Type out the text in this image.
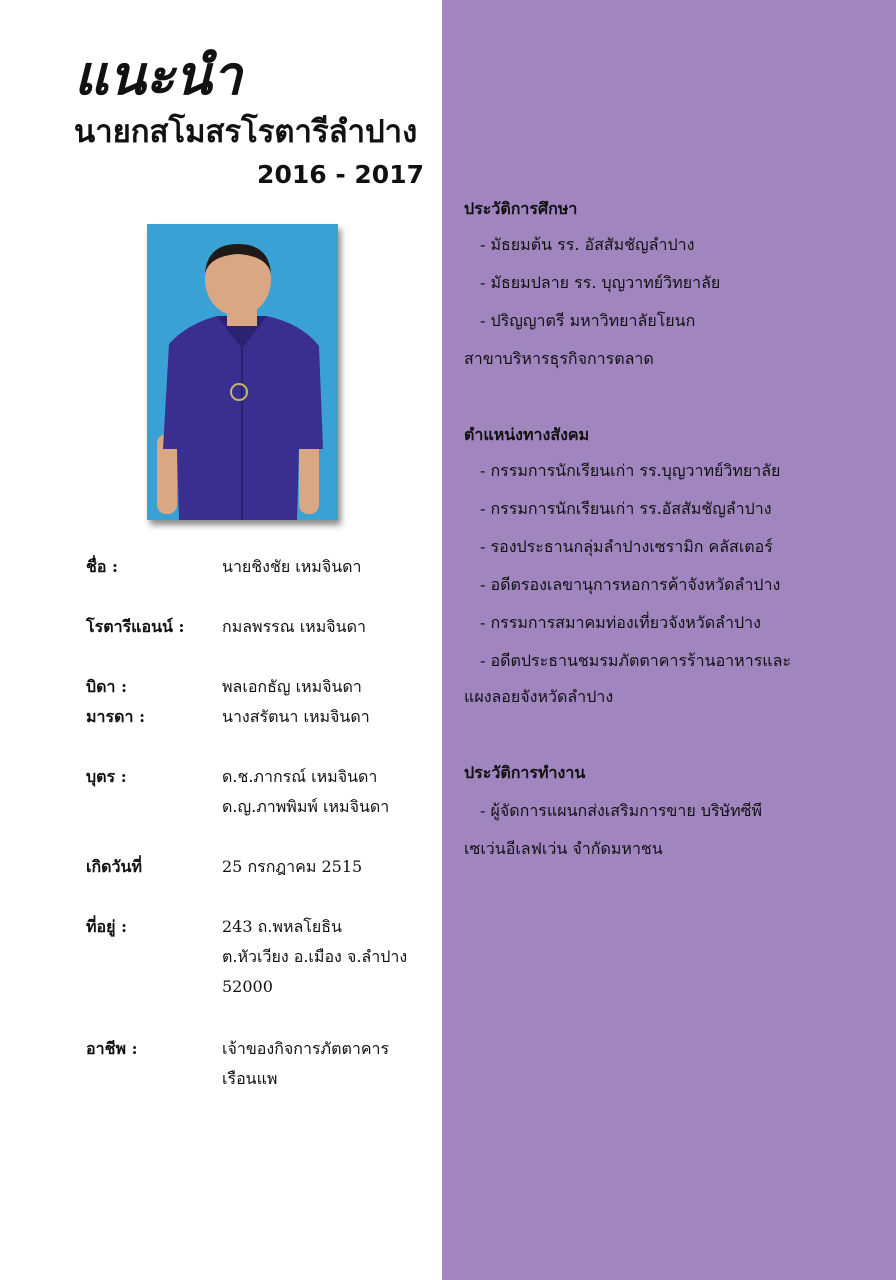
แนะนำ
นายกสโมสรโรตารีลำปาง
2016 - 2017
ชื่อ :	นายชิงชัย เหมจินดา
โรตารีแอนน์ : กมลพรรณ เหมจินดา
บิดา :	พลเอกธัญ เหมจินดา
มารดา :	นางสรัตนา เหมจินดา
บุตร :	ด.ช.ภากรณ์ เหมจินดา
ด.ญ.ภาพพิมพ์ เหมจินดา
เกิดวันที่	25 กรกฎาคม 2515
ที่อยู่ :	243 ถ.พหลโยธิน
ต.หัวเวียง อ.เมือง จ.ลำปาง
52000
อาชีพ :	เจ้าของกิจการภัตตาคาร
เรือนแพ
ประวัติการศึกษา
- มัธยมต้น รร. อัสสัมชัญลำปาง
- มัธยมปลาย รร. บุญวาทย์วิทยาลัย
- ปริญญาตรี มหาวิทยาลัยโยนก
สาขาบริหารธุรกิจการตลาด
ตำแหน่งทางสังคม
- กรรมการนักเรียนเก่า รร.บุญวาทย์วิทยาลัย
- กรรมการนักเรียนเก่า รร.อัสสัมชัญลำปาง
- รองประธานกลุ่มลำปางเซรามิก คลัสเตอร์
- อดีตรองเลขานุการหอการค้าจังหวัดลำปาง
- กรรมการสมาคมท่องเที่ยวจังหวัดลำปาง
- อดีตประธานชมรมภัตตาคารร้านอาหารและ
แผงลอยจังหวัดลำปาง
ประวัติการทำงาน
- ผู้จัดการแผนกส่งเสริมการขาย บริษัทซีพี
เซเว่นอีเลฟเว่น จำกัดมหาชน
